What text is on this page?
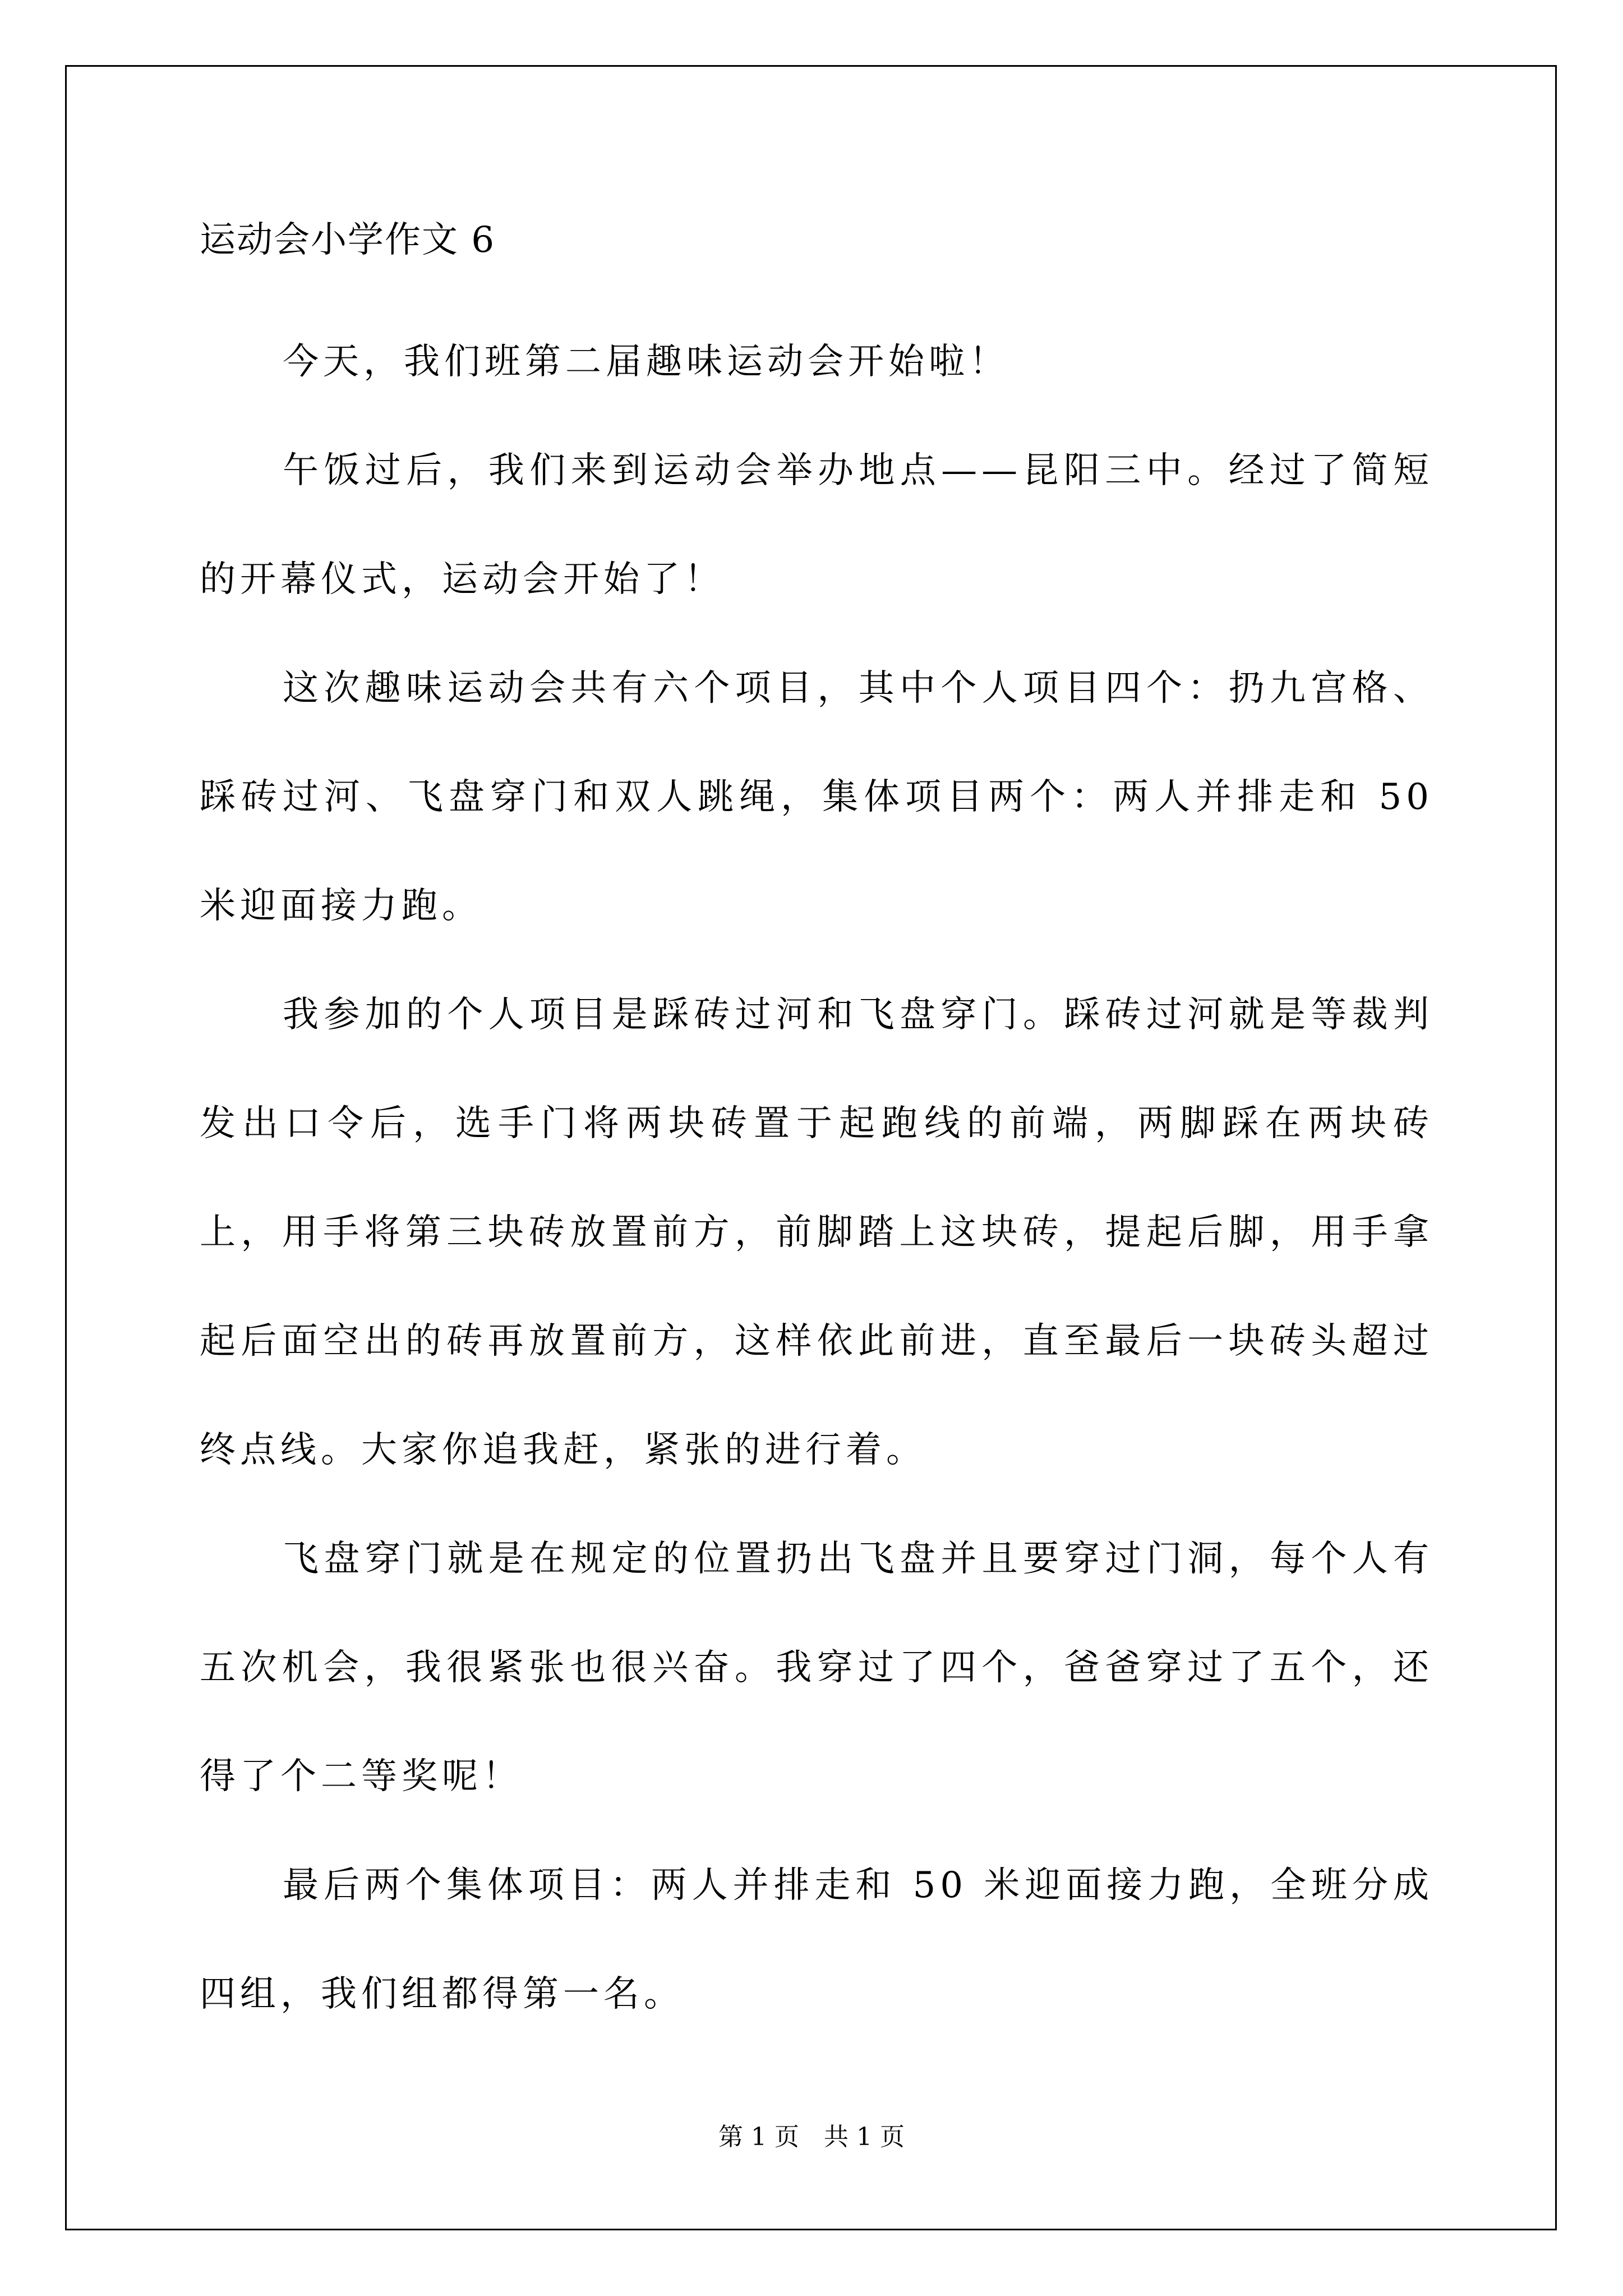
运动会小学作文 6

今天，我们班第二届趣味运动会开始啦！

午饭过后，我们来到运动会举办地点——昆阳三中。经过了简短的开幕仪式，运动会开始了！

这次趣味运动会共有六个项目，其中个人项目四个：扔九宫格、踩砖过河、飞盘穿门和双人跳绳，集体项目两个：两人并排走和 50 米迎面接力跑。

我参加的个人项目是踩砖过河和飞盘穿门。踩砖过河就是等裁判发出口令后，选手门将两块砖置于起跑线的前端，两脚踩在两块砖上，用手将第三块砖放置前方，前脚踏上这块砖，提起后脚，用手拿起后面空出的砖再放置前方，这样依此前进，直至最后一块砖头超过终点线。大家你追我赶，紧张的进行着。

飞盘穿门就是在规定的位置扔出飞盘并且要穿过门洞，每个人有五次机会，我很紧张也很兴奋。我穿过了四个，爸爸穿过了五个，还得了个二等奖呢！

最后两个集体项目：两人并排走和 50 米迎面接力跑，全班分成四组，我们组都得第一名。

第 1 页　共 1 页
